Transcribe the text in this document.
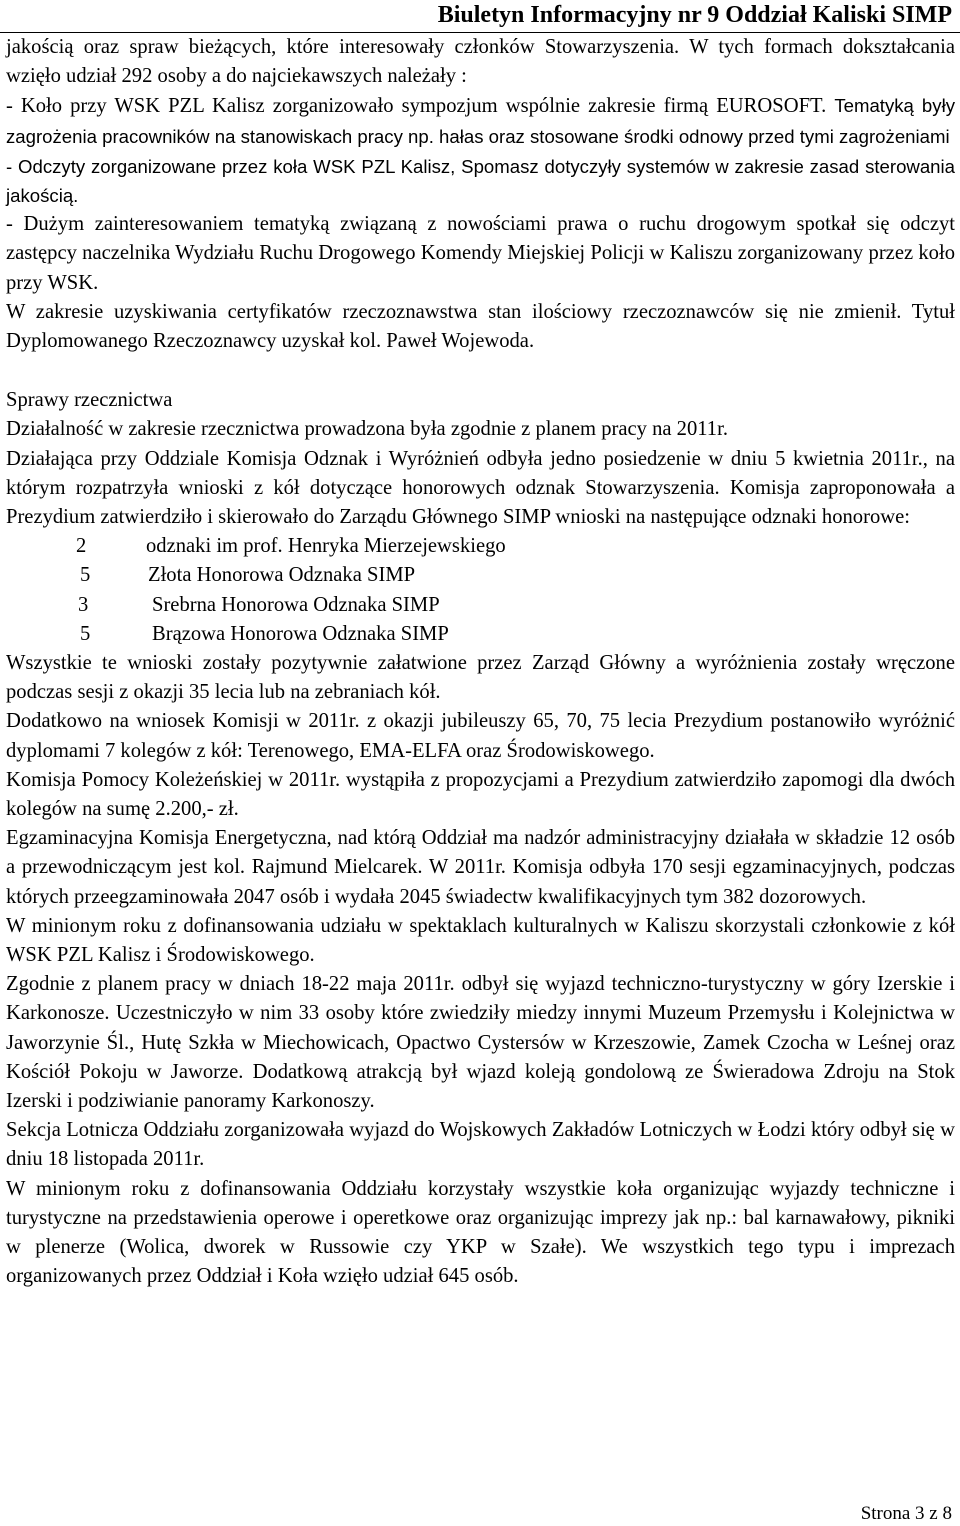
Biuletyn Informacyjny nr 9 Oddział Kaliski SIMP

jakością oraz spraw bieżących, które interesowały członków Stowarzyszenia. W tych formach dokształcania wzięło udział 292 osoby a do najciekawszych należały :

- Koło przy WSK PZL Kalisz zorganizowało sympozjum wspólnie zakresie firmą EUROSOFT. Tematyką były zagrożenia pracowników na stanowiskach pracy np. hałas oraz stosowane środki odnowy przed tymi zagrożeniami

- Odczyty zorganizowane przez koła WSK PZL Kalisz, Spomasz dotyczyły systemów w zakresie zasad sterowania jakością.

- Dużym zainteresowaniem tematyką związaną z nowościami prawa o ruchu drogowym spotkał się odczyt zastępcy naczelnika Wydziału Ruchu Drogowego Komendy Miejskiej Policji w Kaliszu zorganizowany przez koło przy WSK.

W zakresie uzyskiwania certyfikatów rzeczoznawstwa stan ilościowy rzeczoznawców się nie zmienił. Tytuł Dyplomowanego Rzeczoznawcy uzyskał kol. Paweł Wojewoda.

Sprawy rzecznictwa

Działalność w zakresie rzecznictwa prowadzona była zgodnie z planem pracy na 2011r.

Działająca przy Oddziale Komisja Odznak i Wyróżnień odbyła jedno posiedzenie w dniu 5 kwietnia 2011r., na którym rozpatrzyła wnioski z kół dotyczące honorowych odznak Stowarzyszenia. Komisja zaproponowała a Prezydium zatwierdziło i skierowało do Zarządu Głównego SIMP wnioski na następujące odznaki honorowe:

2	odznaki im prof. Henryka Mierzejewskiego
5	Złota Honorowa Odznaka SIMP
3	Srebrna Honorowa Odznaka SIMP
5	Brązowa Honorowa Odznaka SIMP

Wszystkie te wnioski zostały pozytywnie załatwione przez Zarząd Główny a wyróżnienia zostały wręczone podczas sesji z okazji 35 lecia lub na zebraniach kół.

Dodatkowo na wniosek Komisji w 2011r. z okazji jubileuszy 65, 70, 75 lecia Prezydium postanowiło wyróżnić dyplomami 7 kolegów z kół: Terenowego, EMA-ELFA oraz Środowiskowego.

Komisja Pomocy Koleżeńskiej w 2011r. wystąpiła z propozycjami a Prezydium zatwierdziło zapomogi dla dwóch kolegów na sumę 2.200,- zł.

Egzaminacyjna Komisja Energetyczna, nad którą Oddział ma nadzór administracyjny działała w składzie 12 osób a przewodniczącym jest kol. Rajmund Mielcarek. W 2011r. Komisja odbyła 170 sesji egzaminacyjnych, podczas których przeegzaminowała 2047 osób i wydała 2045 świadectw kwalifikacyjnych tym 382 dozorowych.

W minionym roku z dofinansowania udziału w spektaklach kulturalnych w Kaliszu skorzystali członkowie z kół WSK PZL Kalisz i Środowiskowego.

Zgodnie z planem pracy w dniach 18-22 maja 2011r. odbył się wyjazd techniczno-turystyczny w góry Izerskie i Karkonosze. Uczestniczyło w nim 33 osoby które zwiedziły miedzy innymi Muzeum Przemysłu i Kolejnictwa w Jaworzynie Śl., Hutę Szkła w Miechowicach, Opactwo Cystersów w Krzeszowie, Zamek Czocha w Leśnej oraz Kościół Pokoju w Jaworze. Dodatkową atrakcją był wjazd koleją gondolową ze Świeradowa Zdroju na Stok Izerski i podziwianie panoramy Karkonoszy.

Sekcja Lotnicza Oddziału zorganizowała wyjazd do Wojskowych Zakładów Lotniczych w Łodzi który odbył się w dniu 18 listopada 2011r.

W minionym roku z dofinansowania Oddziału korzystały wszystkie koła organizując wyjazdy techniczne i turystyczne na przedstawienia operowe i operetkowe oraz organizując imprezy jak np.: bal karnawałowy, pikniki w plenerze (Wolica, dworek w Russowie czy YKP w Szałe). We wszystkich tego typu i imprezach organizowanych przez Oddział i Koła wzięło udział 645 osób.

Strona 3 z 8
